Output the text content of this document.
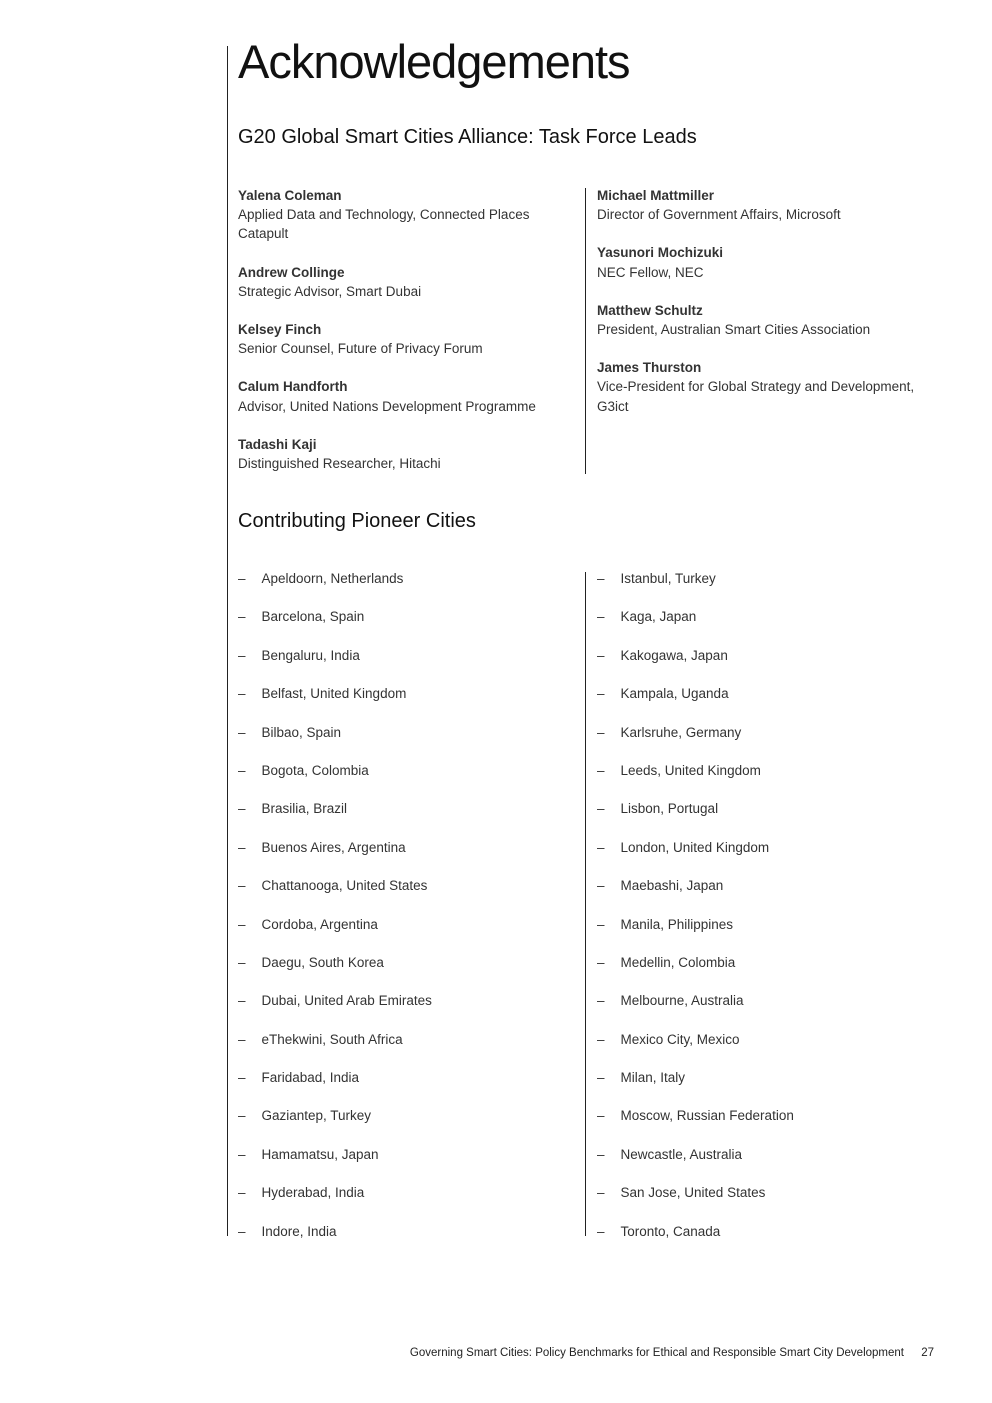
Acknowledgements
G20 Global Smart Cities Alliance: Task Force Leads
Yalena Coleman
Applied Data and Technology, Connected Places Catapult
Andrew Collinge
Strategic Advisor, Smart Dubai
Kelsey Finch
Senior Counsel, Future of Privacy Forum
Calum Handforth
Advisor, United Nations Development Programme
Tadashi Kaji
Distinguished Researcher, Hitachi
Michael Mattmiller
Director of Government Affairs, Microsoft
Yasunori Mochizuki
NEC Fellow, NEC
Matthew Schultz
President, Australian Smart Cities Association
James Thurston
Vice-President for Global Strategy and Development, G3ict
Contributing Pioneer Cities
–	Apeldoorn, Netherlands
–	Barcelona, Spain
–	Bengaluru, India
–	Belfast, United Kingdom
–	Bilbao, Spain
–	Bogota, Colombia
–	Brasilia, Brazil
–	Buenos Aires, Argentina
–	Chattanooga, United States
–	Cordoba, Argentina
–	Daegu, South Korea
–	Dubai, United Arab Emirates
–	eThekwini, South Africa
–	Faridabad, India
–	Gaziantep, Turkey
–	Hamamatsu, Japan
–	Hyderabad, India
–	Indore, India
–	Istanbul, Turkey
–	Kaga, Japan
–	Kakogawa, Japan
–	Kampala, Uganda
–	Karlsruhe, Germany
–	Leeds, United Kingdom
–	Lisbon, Portugal
–	London, United Kingdom
–	Maebashi, Japan
–	Manila, Philippines
–	Medellin, Colombia
–	Melbourne, Australia
–	Mexico City, Mexico
–	Milan, Italy
–	Moscow, Russian Federation
–	Newcastle, Australia
–	San Jose, United States
–	Toronto, Canada
Governing Smart Cities: Policy Benchmarks for Ethical and Responsible Smart City Development 27
